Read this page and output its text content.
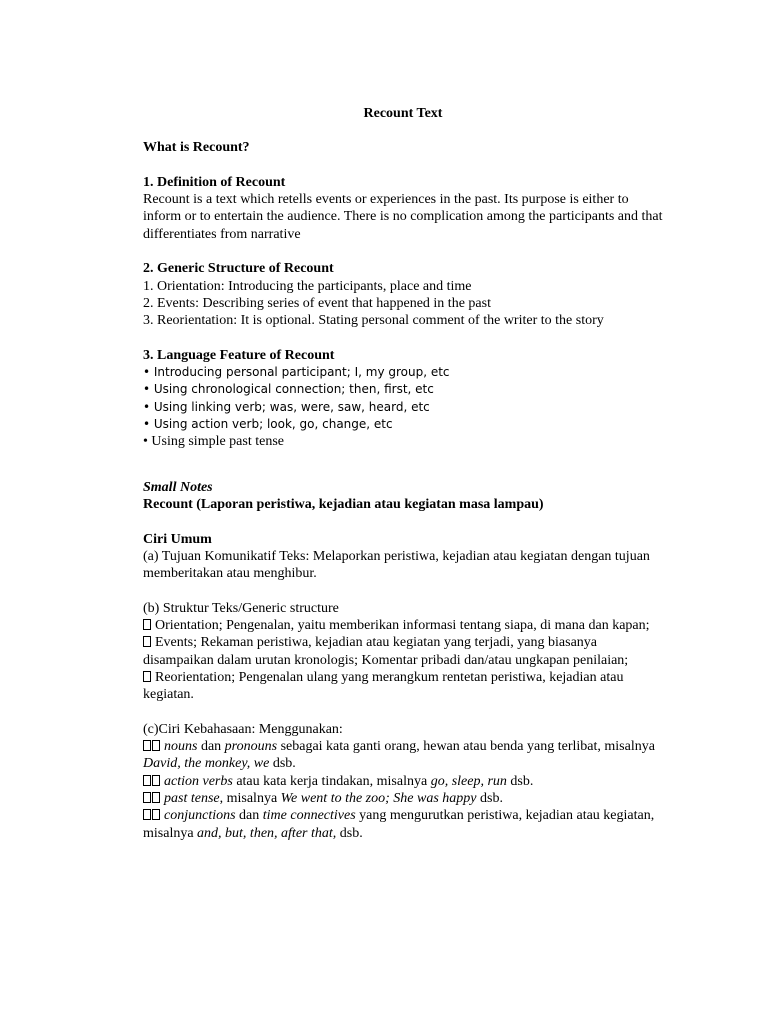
Recount Text

What is Recount?

1. Definition of Recount

Recount is a text which retells events or experiences in the past. Its purpose is either to inform or to entertain the audience. There is no complication among the participants and that differentiates from narrative

2. Generic Structure of Recount

1. Orientation: Introducing the participants, place and time

2. Events: Describing series of event that happened in the past

3. Reorientation: It is optional. Stating personal comment of the writer to the story

3. Language Feature of Recount

• Introducing personal participant; I, my group, etc

• Using chronological connection; then, first, etc

• Using linking verb; was, were, saw, heard, etc

• Using action verb; look, go, change, etc

• Using simple past tense

Small Notes

Recount (Laporan peristiwa, kejadian atau kegiatan masa lampau)

Ciri Umum

(a) Tujuan Komunikatif Teks: Melaporkan peristiwa, kejadian atau kegiatan dengan tujuan memberitakan atau menghibur.

(b) Struktur Teks/Generic structure

Orientation; Pengenalan, yaitu memberikan informasi tentang siapa, di mana dan kapan;

Events; Rekaman peristiwa, kejadian atau kegiatan yang terjadi, yang biasanya disampaikan dalam urutan kronologis; Komentar pribadi dan/atau ungkapan penilaian;

Reorientation; Pengenalan ulang yang merangkum rentetan peristiwa, kejadian atau kegiatan.

(c)Ciri Kebahasaan: Menggunakan:

nouns dan pronouns sebagai kata ganti orang, hewan atau benda yang terlibat, misalnya David, the monkey, we dsb.

action verbs atau kata kerja tindakan, misalnya go, sleep, run dsb.

past tense, misalnya We went to the zoo; She was happy dsb.

conjunctions dan time connectives yang mengurutkan peristiwa, kejadian atau kegiatan, misalnya and, but, then, after that, dsb.
